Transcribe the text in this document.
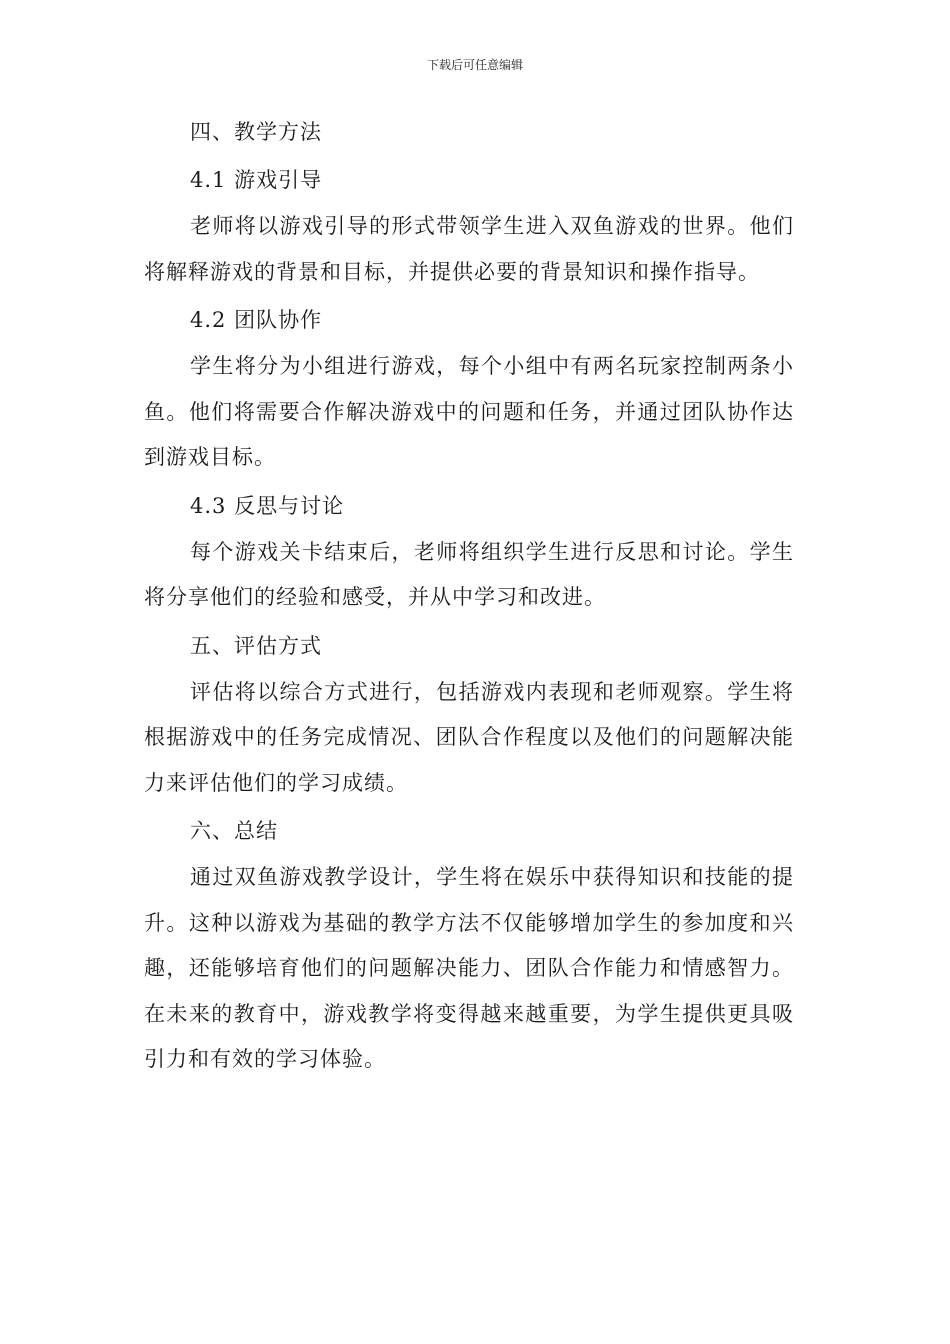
下载后可任意编辑

四、教学方法

4.1 游戏引导

老师将以游戏引导的形式带领学生进入双鱼游戏的世界。他们将解释游戏的背景和目标，并提供必要的背景知识和操作指导。

4.2 团队协作

学生将分为小组进行游戏，每个小组中有两名玩家控制两条小鱼。他们将需要合作解决游戏中的问题和任务，并通过团队协作达到游戏目标。

4.3 反思与讨论

每个游戏关卡结束后，老师将组织学生进行反思和讨论。学生将分享他们的经验和感受，并从中学习和改进。

五、评估方式

评估将以综合方式进行，包括游戏内表现和老师观察。学生将根据游戏中的任务完成情况、团队合作程度以及他们的问题解决能力来评估他们的学习成绩。

六、总结

通过双鱼游戏教学设计，学生将在娱乐中获得知识和技能的提升。这种以游戏为基础的教学方法不仅能够增加学生的参加度和兴趣，还能够培育他们的问题解决能力、团队合作能力和情感智力。在未来的教育中，游戏教学将变得越来越重要，为学生提供更具吸引力和有效的学习体验。
